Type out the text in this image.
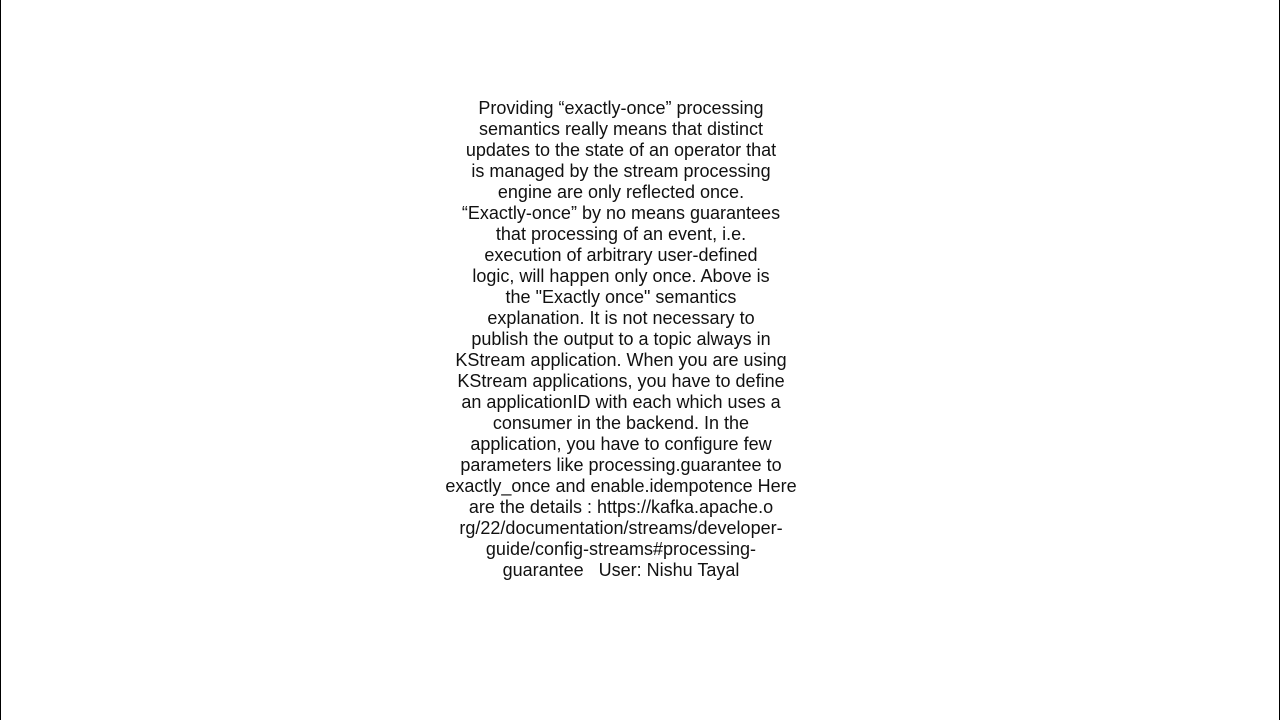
Providing “exactly-once” processing
semantics really means that distinct
updates to the state of an operator that
is managed by the stream processing
engine are only reflected once.
“Exactly-once” by no means guarantees
that processing of an event, i.e.
execution of arbitrary user-defined
logic, will happen only once. Above is
the "Exactly once" semantics
explanation. It is not necessary to
publish the output to a topic always in
KStream application. When you are using
KStream applications, you have to define
an applicationID with each which uses a
consumer in the backend. In the
application, you have to configure few
parameters like processing.guarantee to
exactly_once and enable.idempotence Here
are the details : https://kafka.apache.o
rg/22/documentation/streams/developer-
guide/config-streams#processing-
guarantee   User: Nishu Tayal
